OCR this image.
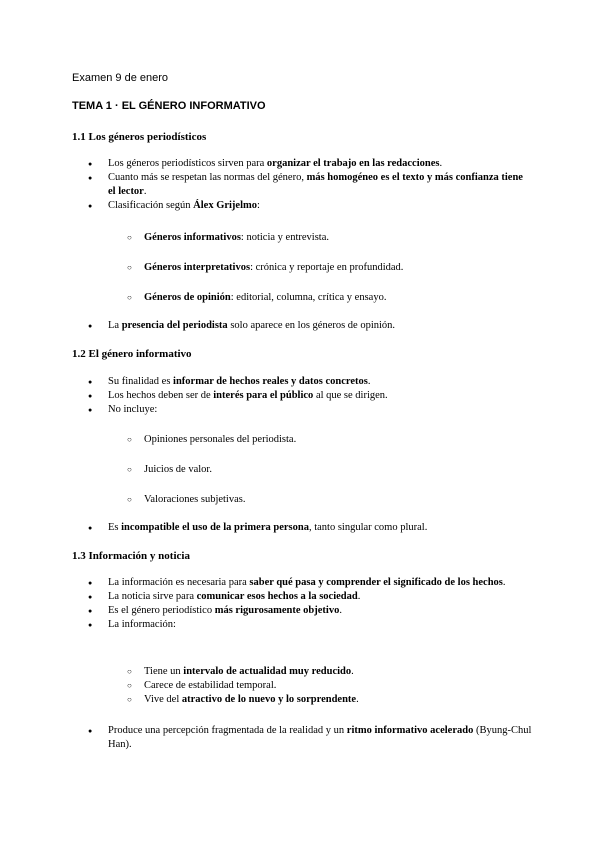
Examen 9 de enero
TEMA 1 · EL GÉNERO INFORMATIVO
1.1 Los géneros periodísticos
● Los géneros periodísticos sirven para organizar el trabajo en las redacciones.
● Cuanto más se respetan las normas del género, más homogéneo es el texto y más confianza tiene el lector.
● Clasificación según Álex Grijelmo:
○ Géneros informativos: noticia y entrevista.
○ Géneros interpretativos: crónica y reportaje en profundidad.
○ Géneros de opinión: editorial, columna, crítica y ensayo.
● La presencia del periodista solo aparece en los géneros de opinión.
1.2 El género informativo
● Su finalidad es informar de hechos reales y datos concretos.
● Los hechos deben ser de interés para el público al que se dirigen.
● No incluye:
○ Opiniones personales del periodista.
○ Juicios de valor.
○ Valoraciones subjetivas.
● Es incompatible el uso de la primera persona, tanto singular como plural.
1.3 Información y noticia
● La información es necesaria para saber qué pasa y comprender el significado de los hechos.
● La noticia sirve para comunicar esos hechos a la sociedad.
● Es el género periodístico más rigurosamente objetivo.
● La información:
○ Tiene un intervalo de actualidad muy reducido.
○ Carece de estabilidad temporal.
○ Vive del atractivo de lo nuevo y lo sorprendente.
● Produce una percepción fragmentada de la realidad y un ritmo informativo acelerado (Byung-Chul Han).
